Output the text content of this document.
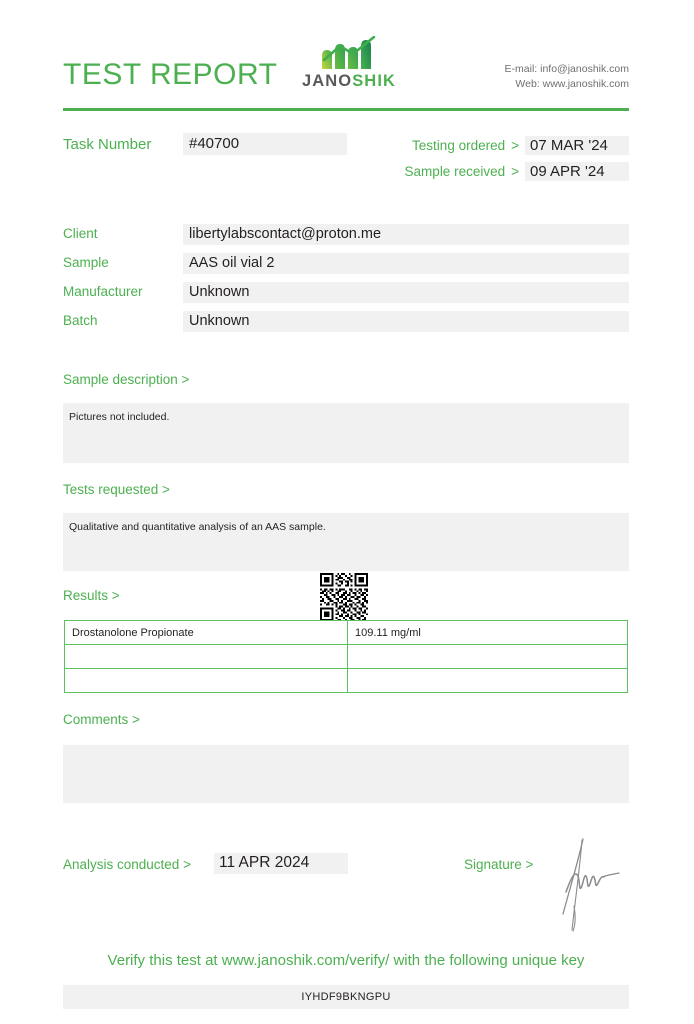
TEST REPORT	JANOSHIK
E-mail: info@janoshik.com
Web: www.janoshik.com
Task Number	#40700	Testing ordered > 07 MAR '24
Sample received > 09 APR '24
Client	libertylabscontact@proton.me
Sample	AAS oil vial 2
Manufacturer	Unknown
Batch	Unknown
Sample description >
Pictures not included.
Tests requested >
Qualitative and quantitative analysis of an AAS sample.
Results >
Drostanolone Propionate	109.11 mg/ml

Comments >
Analysis conducted >	11 APR 2024	Signature >
Verify this test at www.janoshik.com/verify/ with the following unique key
IYHDF9BKNGPU
